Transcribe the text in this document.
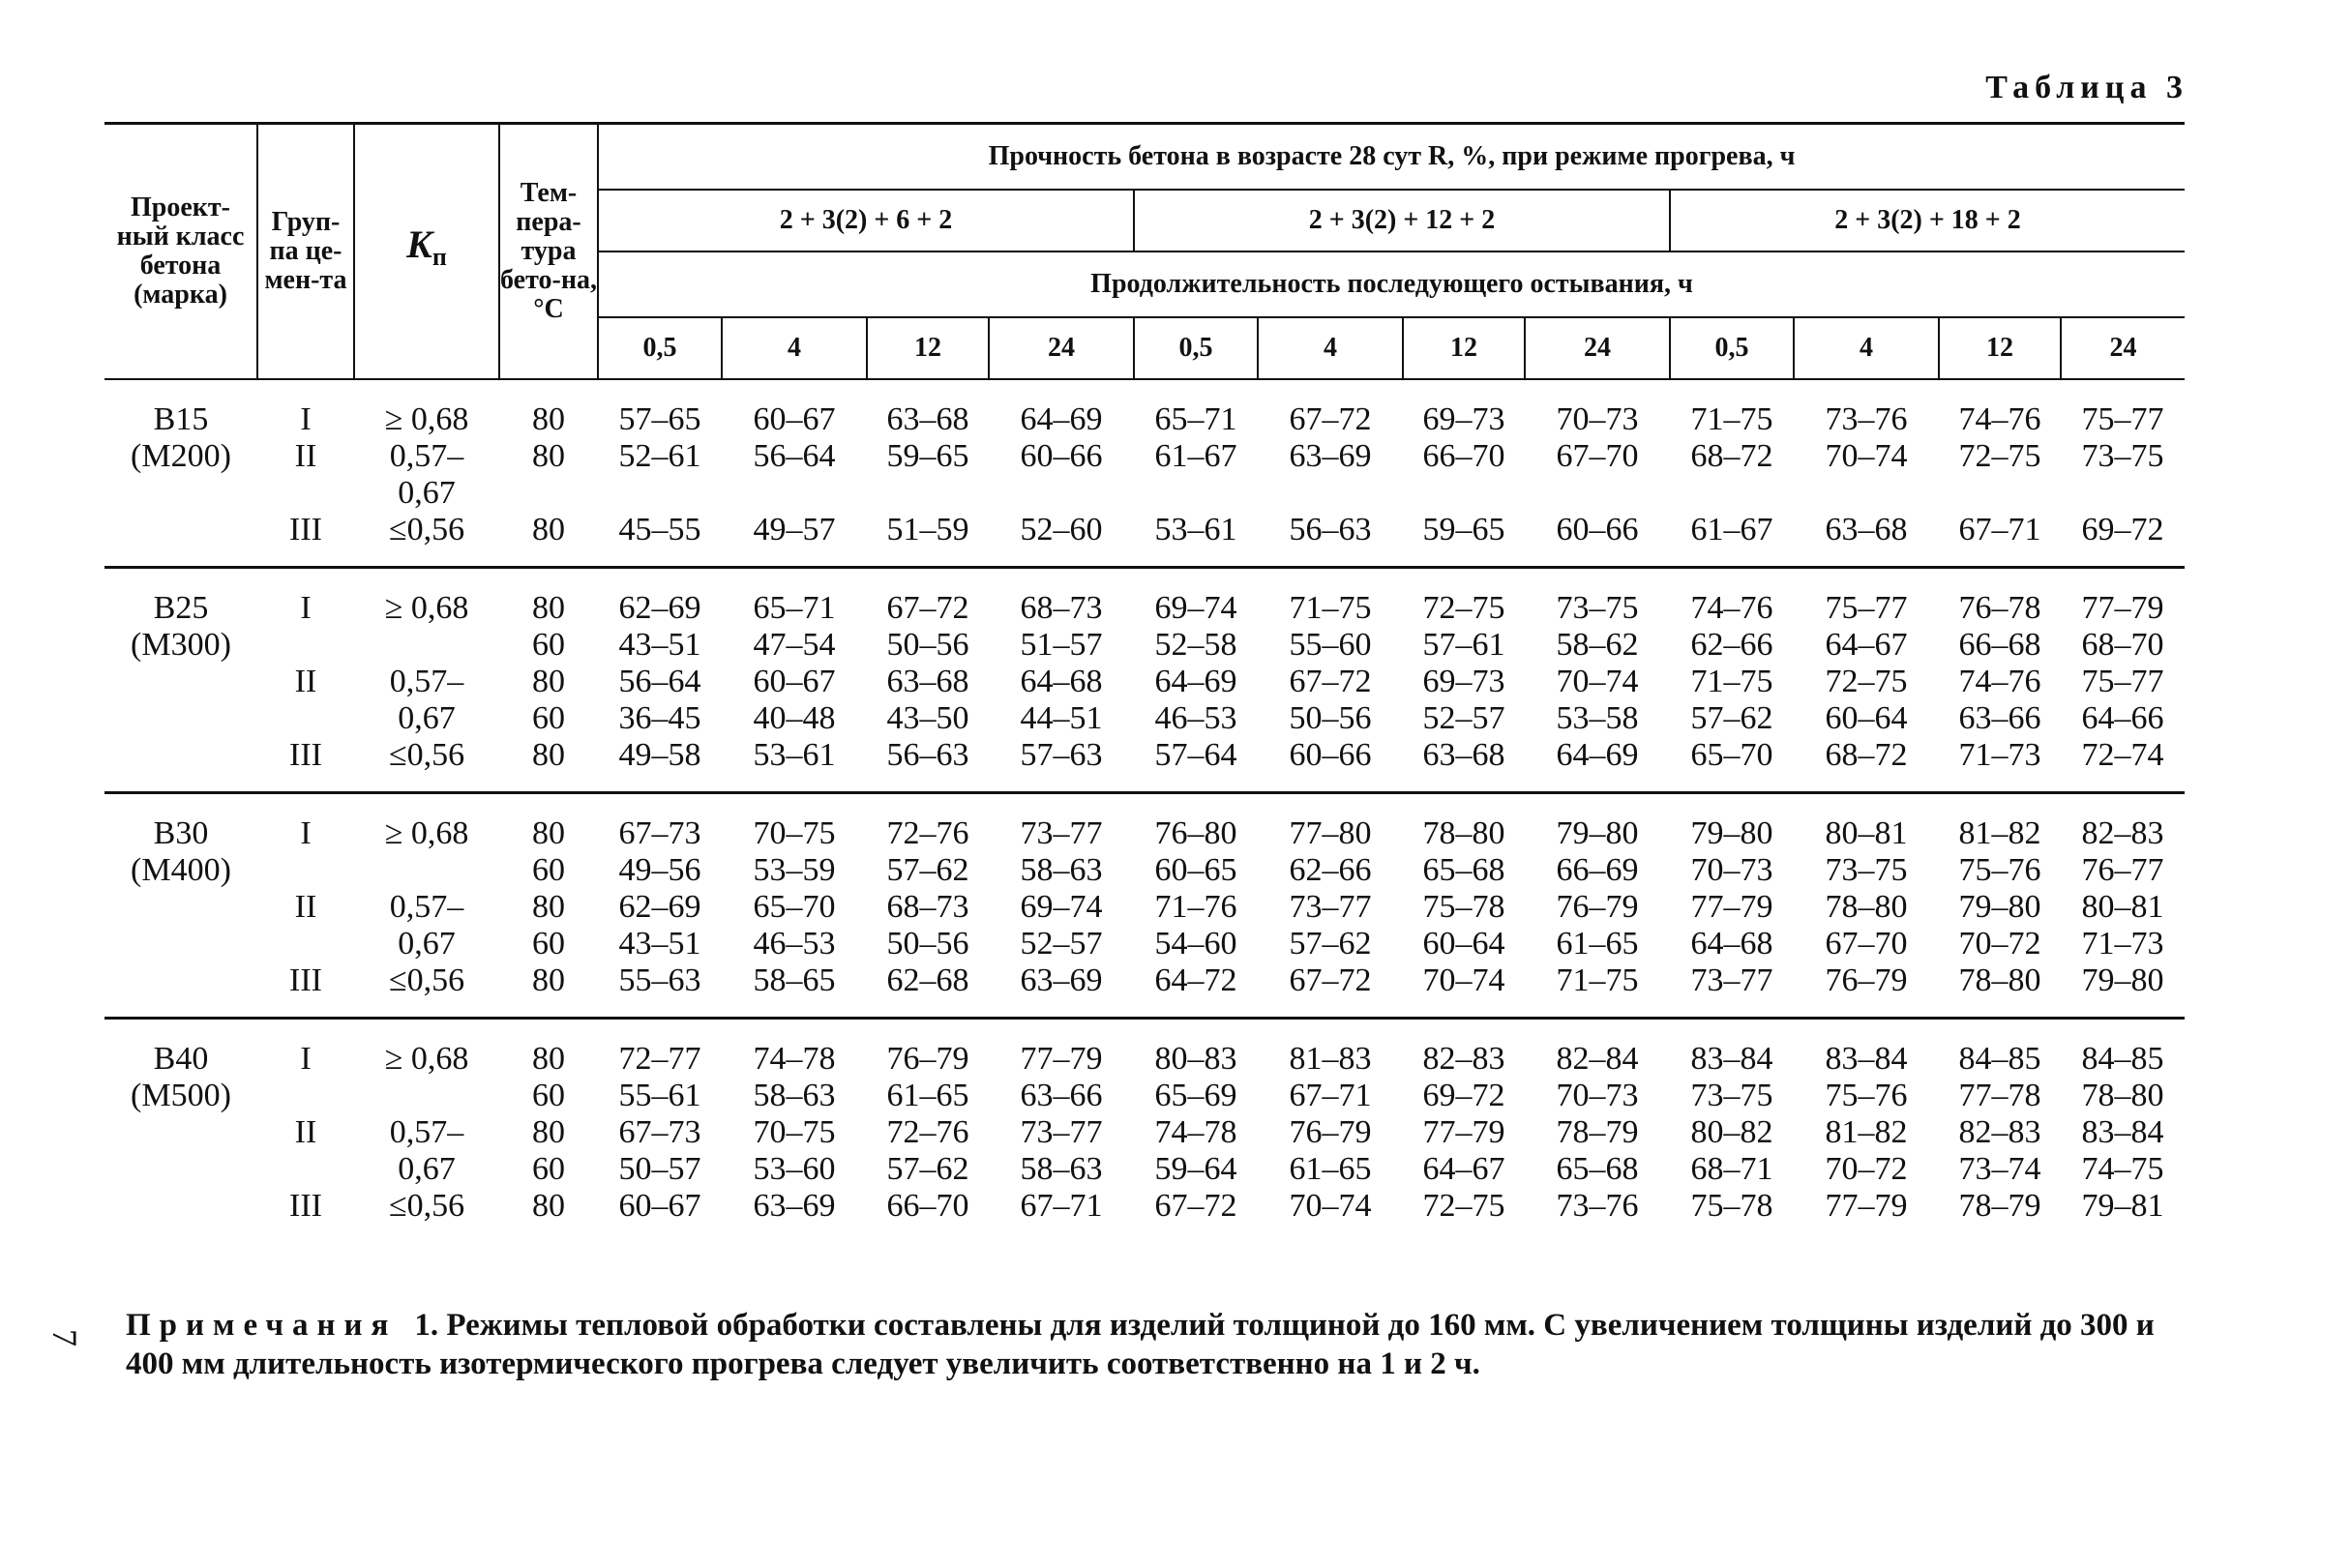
Таблица 3
Проект-ный класс бетона (марка)	Груп-па це-мен-та	Kп	Тем-пера-тура бето-на, °С	Прочность бетона в возрасте 28 сут R, %, при режиме прогрева, ч											
				2 + 3(2) + 6 + 2				2 + 3(2) + 12 + 2				2 + 3(2) + 18 + 2			
				Продолжительность последующего остывания, ч											
				0,5	4	12	24	0,5	4	12	24	0,5	4	12	24

В15
(М200)	I	≥ 0,68	80	57–65	60–67	63–68	64–69	65–71	67–72	69–73	70–73	71–75	73–76	74–76	75–77
	II	0,57–	80	52–61	56–64	59–65	60–66	61–67	63–69	66–70	67–70	68–72	70–74	72–75	73–75
		0,67													
	III	≤0,56	80	45–55	49–57	51–59	52–60	53–61	56–63	59–65	60–66	61–67	63–68	67–71	69–72

В25
(М300)	I	≥ 0,68	80	62–69	65–71	67–72	68–73	69–74	71–75	72–75	73–75	74–76	75–77	76–78	77–79
			60	43–51	47–54	50–56	51–57	52–58	55–60	57–61	58–62	62–66	64–67	66–68	68–70
	II	0,57–	80	56–64	60–67	63–68	64–68	64–69	67–72	69–73	70–74	71–75	72–75	74–76	75–77
		0,67	60	36–45	40–48	43–50	44–51	46–53	50–56	52–57	53–58	57–62	60–64	63–66	64–66
	III	≤0,56	80	49–58	53–61	56–63	57–63	57–64	60–66	63–68	64–69	65–70	68–72	71–73	72–74

В30
(М400)	I	≥ 0,68	80	67–73	70–75	72–76	73–77	76–80	77–80	78–80	79–80	79–80	80–81	81–82	82–83
			60	49–56	53–59	57–62	58–63	60–65	62–66	65–68	66–69	70–73	73–75	75–76	76–77
	II	0,57–	80	62–69	65–70	68–73	69–74	71–76	73–77	75–78	76–79	77–79	78–80	79–80	80–81
		0,67	60	43–51	46–53	50–56	52–57	54–60	57–62	60–64	61–65	64–68	67–70	70–72	71–73
	III	≤0,56	80	55–63	58–65	62–68	63–69	64–72	67–72	70–74	71–75	73–77	76–79	78–80	79–80

В40
(М500)	I	≥ 0,68	80	72–77	74–78	76–79	77–79	80–83	81–83	82–83	82–84	83–84	83–84	84–85	84–85
			60	55–61	58–63	61–65	63–66	65–69	67–71	69–72	70–73	73–75	75–76	77–78	78–80
	II	0,57–	80	67–73	70–75	72–76	73–77	74–78	76–79	77–79	78–79	80–82	81–82	82–83	83–84
		0,67	60	50–57	53–60	57–62	58–63	59–64	61–65	64–67	65–68	68–71	70–72	73–74	74–75
	III	≤0,56	80	60–67	63–69	66–70	67–71	67–72	70–74	72–75	73–76	75–78	77–79	78–79	79–81
Примечания 1. Режимы тепловой обработки составлены для изделий толщиной до 160 мм. С увеличением толщины изделий до 300 и 400 мм длительность изотермического прогрева следует увеличить соответственно на 1 и 2 ч.
7
